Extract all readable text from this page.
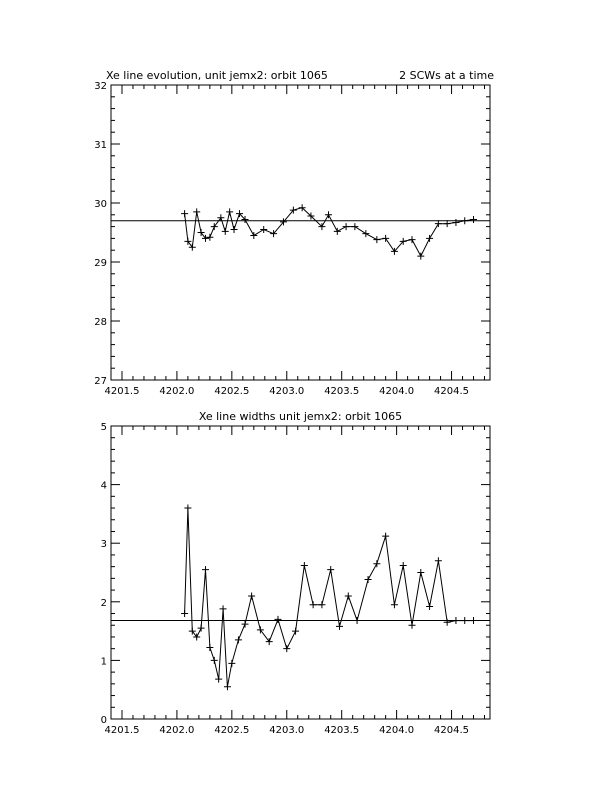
4201.5 4202.0 4202.5 4203.0 4203.5 4204.0 4204.5
27
28
29
30
31
32
Xe line evolution, unit jemx2: orbit 1065	2 SCWs at a time
4201.5 4202.0 4202.5 4203.0 4203.5 4204.0 4204.5
0
1
2
3
4
5
Xe line widths unit jemx2: orbit 1065
